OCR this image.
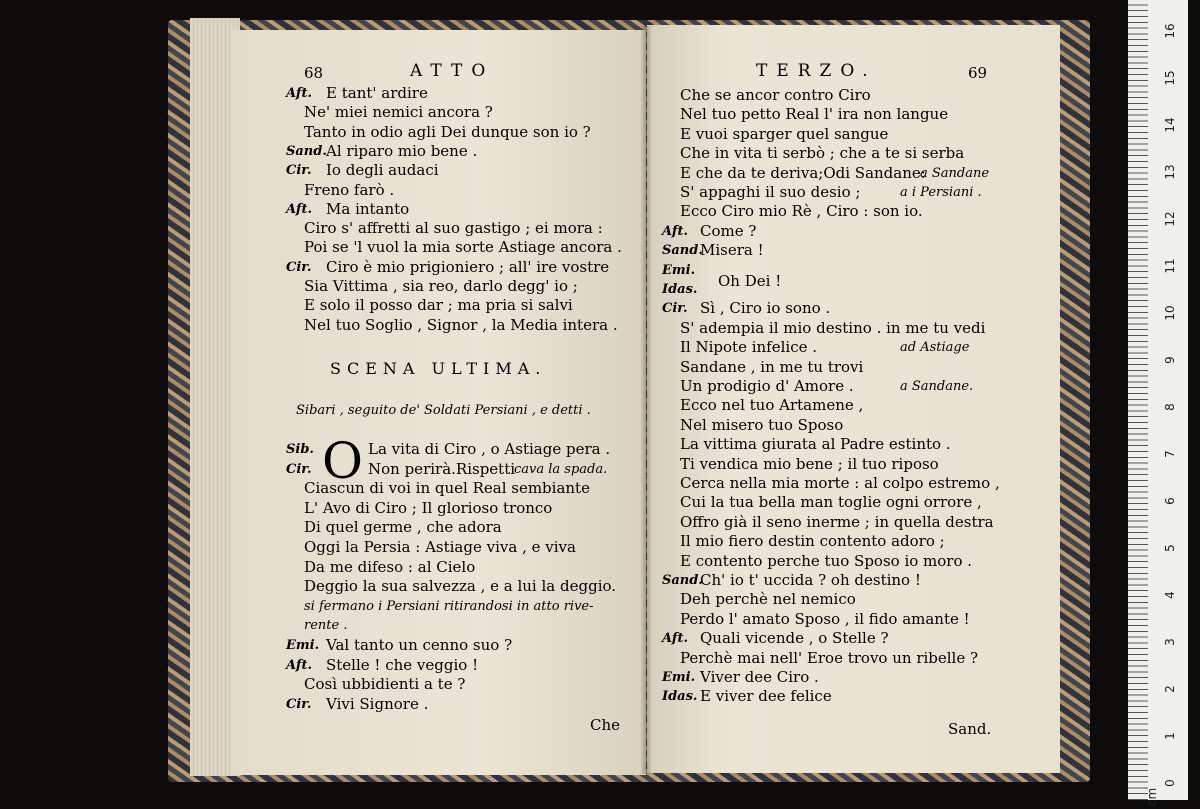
68	ATTO
Aft. E tant' ardire
Ne' miei nemici ancora ?
Tanto in odio agli Dei dunque son io ?
Sand. Al riparo mio bene .
Cir. Io degli audaci
Freno farò .
Aft. Ma intanto
Ciro s' affretti al suo gastigo ; ei mora :
Poi se 'l vuol la mia sorte Astiage ancora .
Cir. Ciro è mio prigioniero ; all' ire vostre
Sia Vittima , sia reo, darlo degg' io ;
E solo il posso dar ; ma pria si salvi
Nel tuo Soglio , Signor , la Media intera .
SCENA ULTIMA.
Sibari , seguito de' Soldati Persiani , e detti .
O
Sib.	La vita di Ciro , o Astiage pera .
Cir.	Non perirà.Rispetti
cava la spada.
Ciascun di voi in quel Real sembiante
L' Avo di Ciro ; Il glorioso tronco
Di quel germe , che adora
Oggi la Persia : Astiage viva , e viva
Da me difeso : al Cielo
Deggio la sua salvezza , e a lui la deggio.
si fermano i Persiani ritirandosi in atto rive-
rente .
Emi. Val tanto un cenno suo ?
Aft. Stelle ! che veggio !
Così ubbidienti a te ?
Cir. Vivi Signore .
Che
TERZO.	69
Che se ancor contro Ciro
Nel tuo petto Real l' ira non langue
E vuoi sparger quel sangue
Che in vita ti serbò ; che a te si serba
E che da te deriva;Odi Sandane:
a Sandane
S' appaghi il suo desio ;	a i Persiani .
Ecco Ciro mio Rè , Ciro : son io.
Aft. Come ?
Sand.
Misera !
Emi.
Idas.
Cir. Sì , Ciro io sono .
S' adempia il mio destino . in me tu vedi
Il Nipote infelice .	ad Astiage
Sandane , in me tu trovi
Un prodigio d' Amore .	a Sandane.
Ecco nel tuo Artamene ,
Nel misero tuo Sposo
La vittima giurata al Padre estinto .
Ti vendica mio bene ; il tuo riposo
Cerca nella mia morte : al colpo estremo ,
Cui la tua bella man toglie ogni orrore ,
Offro già il seno inerme ; in quella destra
Il mio fiero destin contento adoro ;
E contento perche tuo Sposo io moro .
Sand.
Ch' io t' uccida ? oh destino !
Deh perchè nel nemico
Perdo l' amato Sposo , il fido amante !
Aft. Quali vicende , o Stelle ?
Perchè mai nell' Eroe trovo un ribelle ?
Emi. Viver dee Ciro .
Idas. E viver dee felice
Oh Dei !
Sand.
0
1
2
3
4
5
6
7
8
9
10
11
12
13
14
15
16
cm
